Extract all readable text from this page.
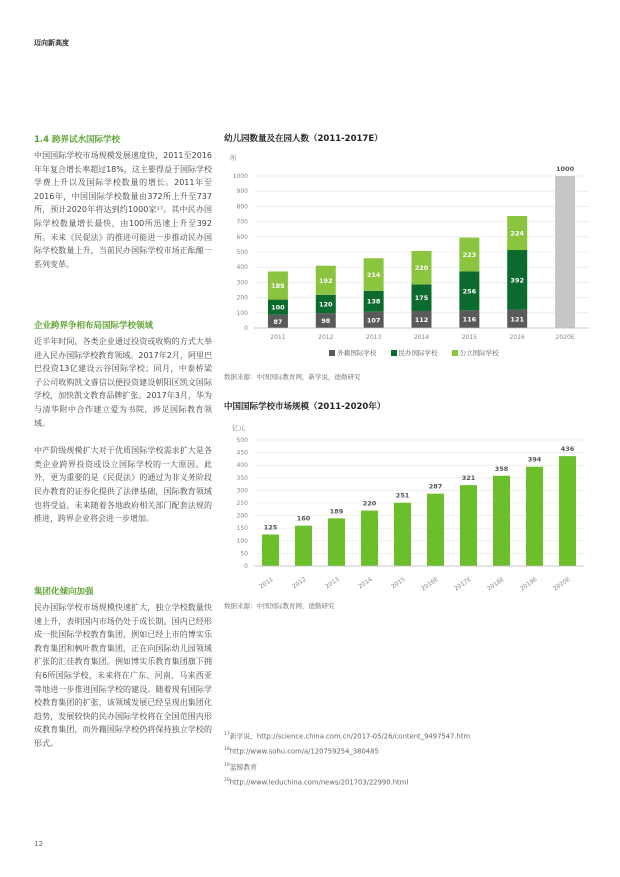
迈向新高度
1.4 跨界试水国际学校
中国国际学校市场规模发展速度快，2011至2016年年复合增长率超过18%，这主要得益于国际学校学费上升以及国际学校数量的增长。2011年至2016年，中国国际学校数量由372所上升至737所，预计2020年将达到约1000家¹⁷。其中民办国际学校数量增长最快，由100所迅速上升至392所。未来《民促法》的推进可能进一步推动民办国际学校数量上升，当前民办国际学校市场正酝酿一系列变革。
企业跨界争相布局国际学校领域
近半年时间，各类企业通过投资或收购的方式大举进入民办国际学校教育领域。2017年2月，阿里巴巴投资13亿建设云谷国际学校；同月，中泰桥梁子公司收购凯文睿信以便投资建设朝阳区凯文国际学校，加快凯文教育品牌扩张。2017年3月，华为与清华附中合作建立爱为书院，涉足国际教育领域。
中产阶级规模扩大对于优质国际学校需求扩大是各类企业跨界投资或设立国际学校的一大原因。此外，更为重要的是《民促法》的通过为非义务阶段民办教育的证券化提供了法律基础，国际教育领域也将受益。未来随着各地政府相关部门配套法规的推进，跨界企业将会进一步增加。
集团化倾向加强
民办国际学校市场规模快速扩大，独立学校数量快速上升，表明国内市场仍处于成长期。国内已经形成一批国际学校教育集团，例如已经上市的博实乐教育集团和枫叶教育集团，正在向国际幼儿园领域扩张的汇佳教育集团。例如博实乐教育集团旗下拥有6所国际学校，未来将在广东、河南、马来西亚等地进一步推进国际学校的建设。随着现有国际学校教育集团的扩张，该领域发展已经呈现出集团化趋势，发展较快的民办国际学校将在全国范围内形成教育集团，而外籍国际学校仍将保持独立学校的形式。
幼儿园数量及在园人数（2011-2017E）
所
0
100
200
300
400
500
600
700
800
900
1000
87
100
185
2011
98
120
192
2012
107
138
214
2013
112
175
220
2014
116
256
223
2015
121
392
224
2016
1000
2020E
外籍国际学校	民办国际学校	公立国际学校
数据来源：中国国际教育网，新学说，德勤研究
中国国际学校市场规模（2011-2020年）
亿元
0
50
100
150
200
250
300
350
400
450
500
125
2011
160
2012
189
2013
220
2014
251
2015
287
2016E
321
2017E
358
2018E
394
2019E
436
2020E
数据来源：中国国际教育网，德勤研究
$^{17}$新学说，http://science.china.com.cn/2017-05/26/content_9497547.htm
$^{18}$http://www.sohu.com/a/120759254_380485
$^{19}$蓝鲸教育
$^{20}$http://www.leduchina.com/news/201703/22990.html
12
